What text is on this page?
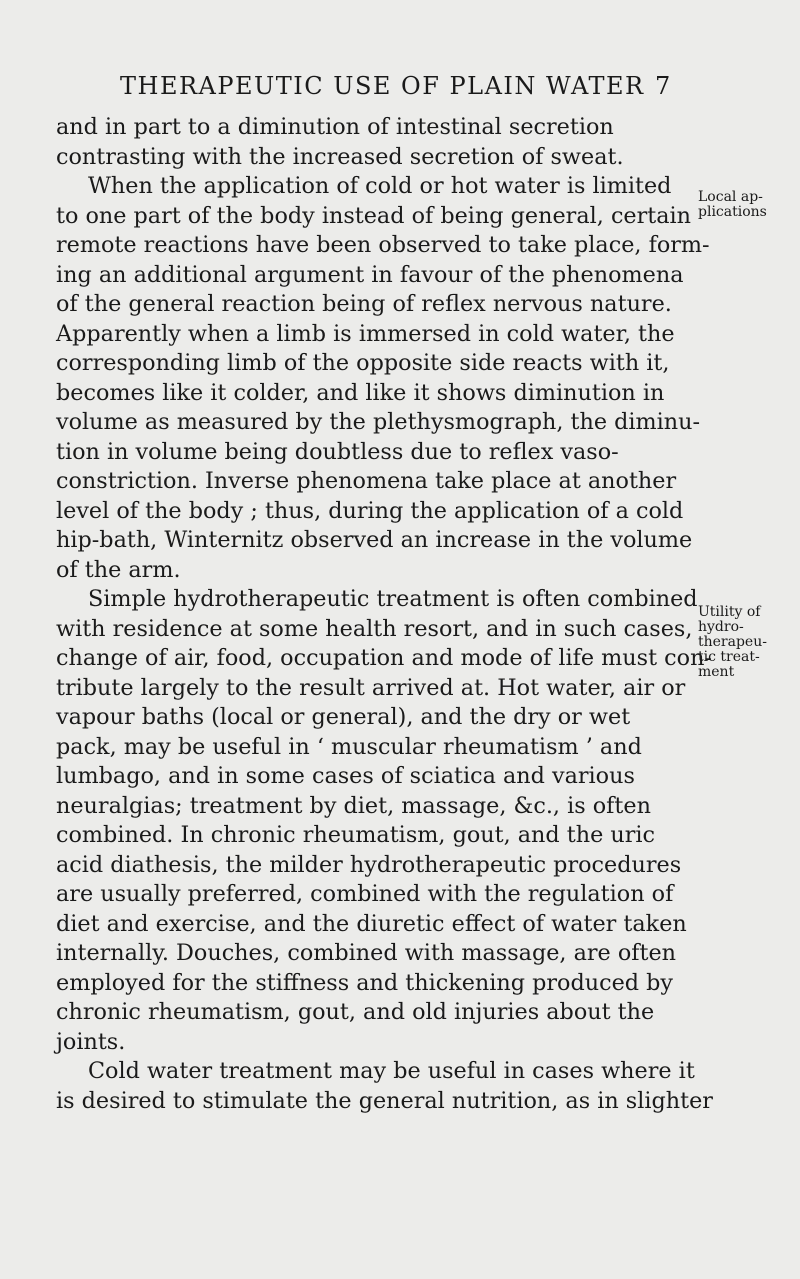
THERAPEUTIC USE OF PLAIN WATER 7
and in part to a diminution of intestinal secretion
contrasting with the increased secretion of sweat.
When the application of cold or hot water is limited
to one part of the body instead of being general, certain
remote reactions have been observed to take place, form-
ing an additional argument in favour of the phenomena
of the general reaction being of reflex nervous nature.
Apparently when a limb is immersed in cold water, the
corresponding limb of the opposite side reacts with it,
becomes like it colder, and like it shows diminution in
volume as measured by the plethysmograph, the diminu-
tion in volume being doubtless due to reflex vaso-
constriction. Inverse phenomena take place at another
level of the body ; thus, during the application of a cold
hip-bath, Winternitz observed an increase in the volume
of the arm.
Simple hydrotherapeutic treatment is often combined
with residence at some health resort, and in such cases,
change of air, food, occupation and mode of life must con-
tribute largely to the result arrived at. Hot water, air or
vapour baths (local or general), and the dry or wet
pack, may be useful in ‘ muscular rheumatism ’ and
lumbago, and in some cases of sciatica and various
neuralgias; treatment by diet, massage, &c., is often
combined. In chronic rheumatism, gout, and the uric
acid diathesis, the milder hydrotherapeutic procedures
are usually preferred, combined with the regulation of
diet and exercise, and the diuretic effect of water taken
internally. Douches, combined with massage, are often
employed for the stiffness and thickening produced by
chronic rheumatism, gout, and old injuries about the
joints.
Cold water treatment may be useful in cases where it
is desired to stimulate the general nutrition, as in slighter
Local ap-
plications
Utility of
hydro-
therapeu-
tic treat-
ment
